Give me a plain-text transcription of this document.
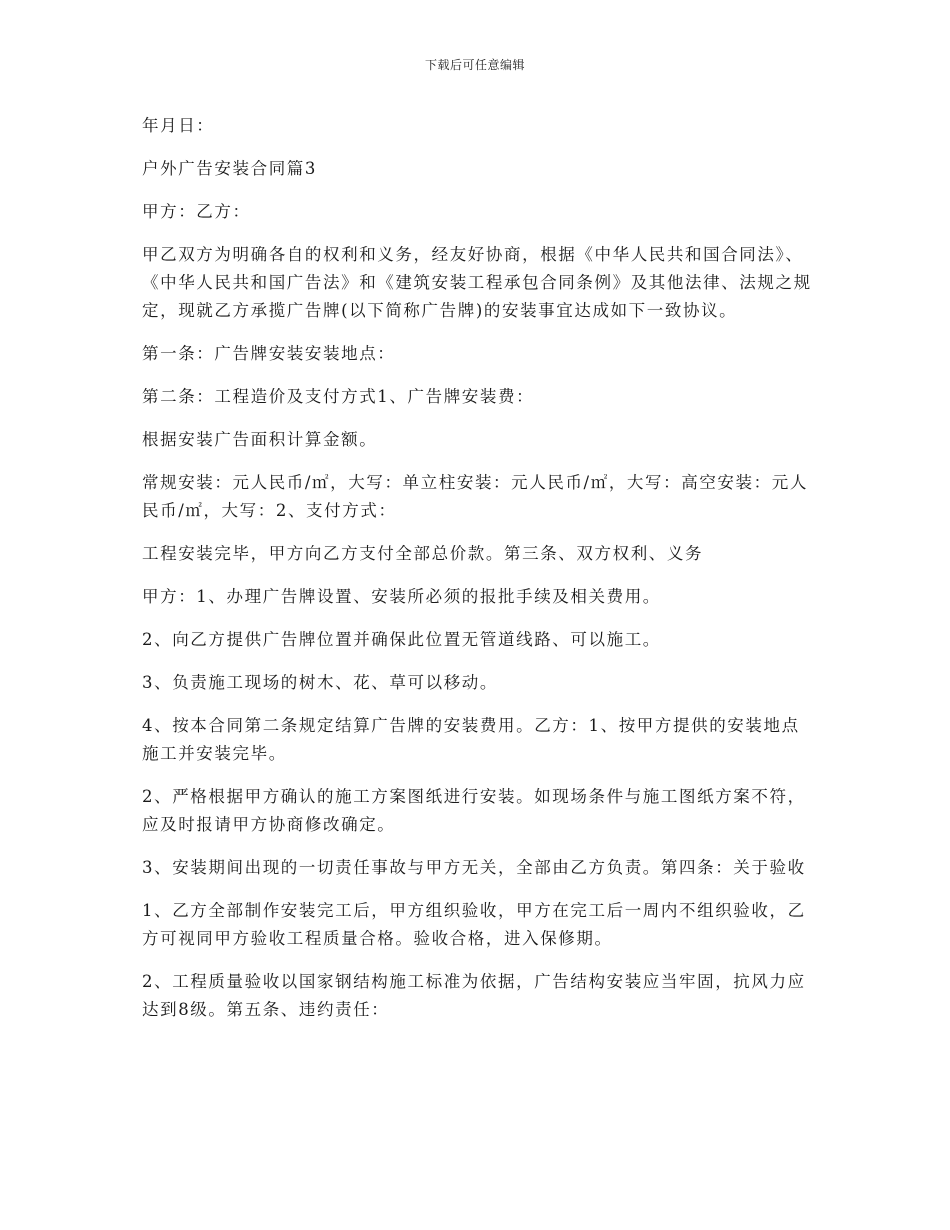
下载后可任意编辑

年月日：

户外广告安装合同篇3

甲方：乙方：

甲乙双方为明确各自的权利和义务，经友好协商，根据《中华人民共和国合同法》、《中华人民共和国广告法》和《建筑安装工程承包合同条例》及其他法律、法规之规定，现就乙方承揽广告牌(以下简称广告牌)的安装事宜达成如下一致协议。

第一条：广告牌安装安装地点：

第二条：工程造价及支付方式1、广告牌安装费：

根据安装广告面积计算金额。

常规安装：元人民币/㎡，大写：单立柱安装：元人民币/㎡，大写：高空安装：元人民币/㎡，大写：2、支付方式：

工程安装完毕，甲方向乙方支付全部总价款。第三条、双方权利、义务

甲方：1、办理广告牌设置、安装所必须的报批手续及相关费用。

2、向乙方提供广告牌位置并确保此位置无管道线路、可以施工。

3、负责施工现场的树木、花、草可以移动。

4、按本合同第二条规定结算广告牌的安装费用。乙方：1、按甲方提供的安装地点施工并安装完毕。

2、严格根据甲方确认的施工方案图纸进行安装。如现场条件与施工图纸方案不符，应及时报请甲方协商修改确定。

3、安装期间出现的一切责任事故与甲方无关，全部由乙方负责。第四条：关于验收

1、乙方全部制作安装完工后，甲方组织验收，甲方在完工后一周内不组织验收，乙方可视同甲方验收工程质量合格。验收合格，进入保修期。

2、工程质量验收以国家钢结构施工标准为依据，广告结构安装应当牢固，抗风力应达到8级。第五条、违约责任：
